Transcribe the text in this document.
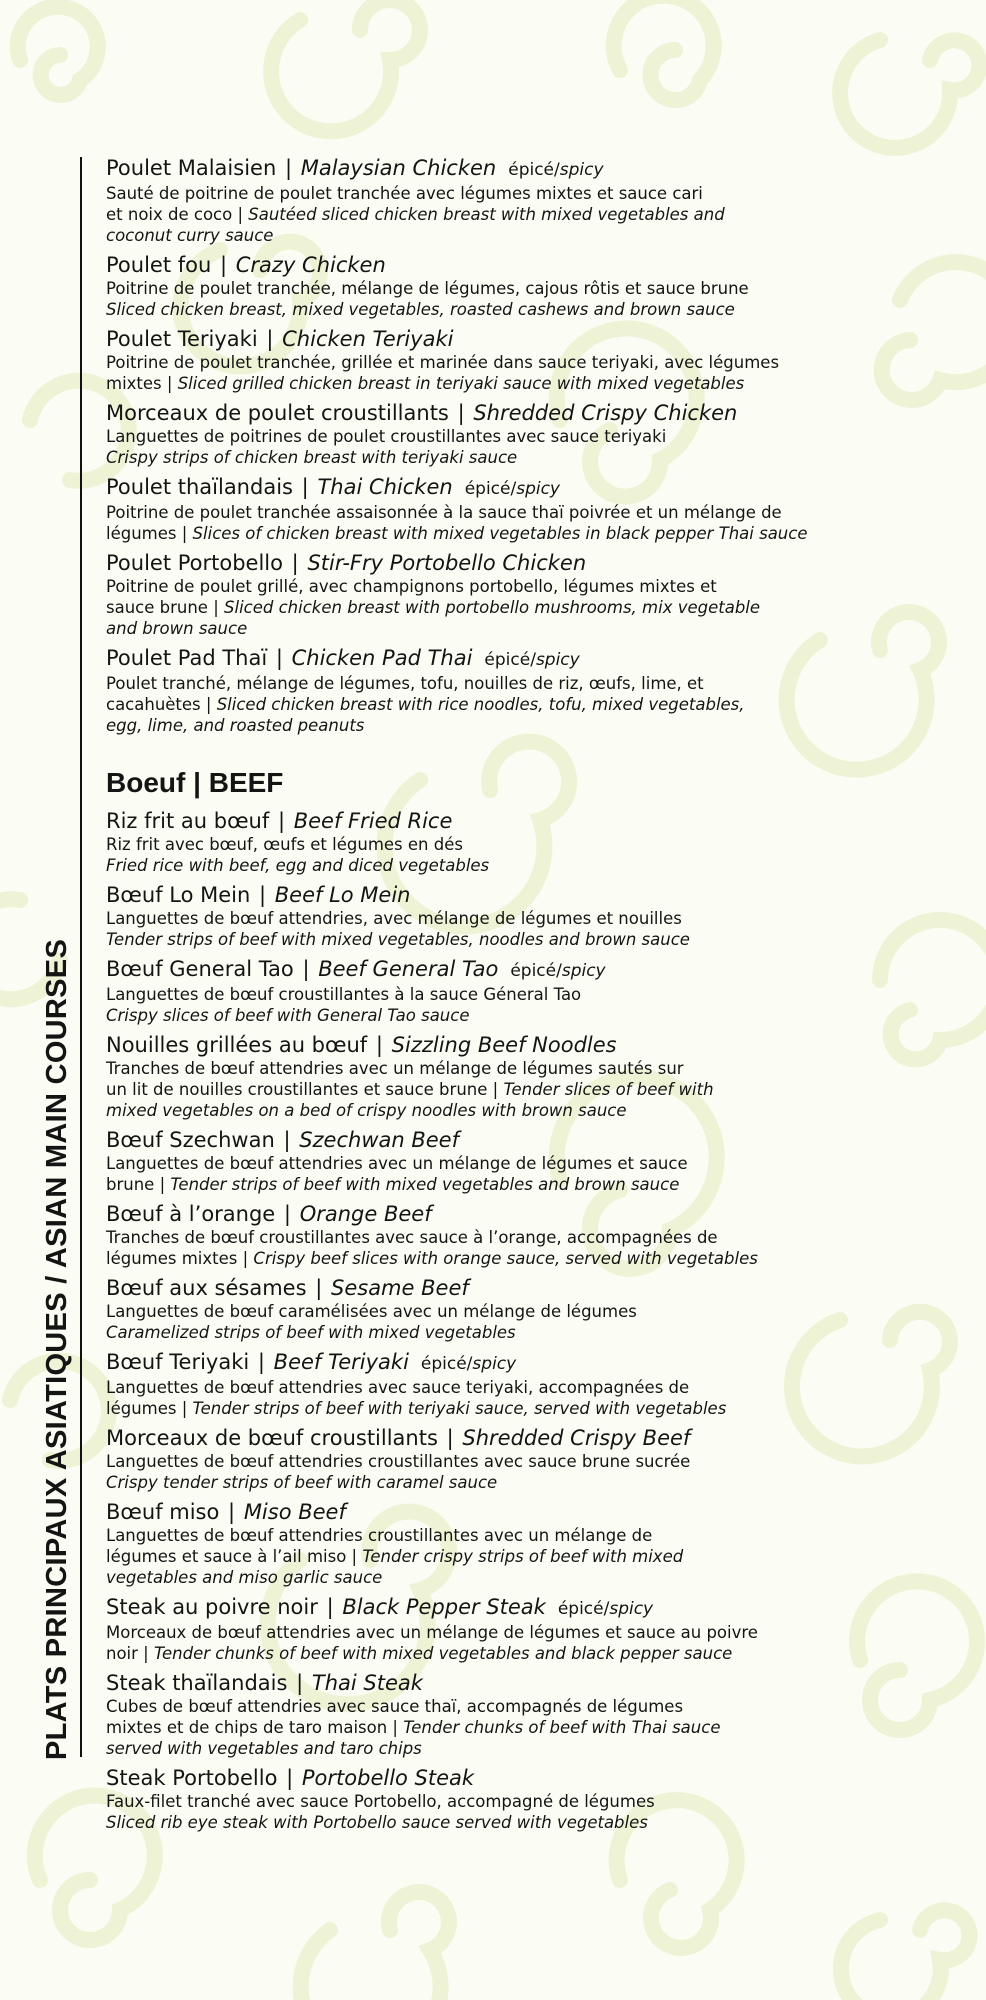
PLATS PRINCIPAUX ASIATIQUES / ASIAN MAIN COURSES
Poulet Malaisien | Malaysian Chicken épicé/spicy
Sauté de poitrine de poulet tranchée avec légumes mixtes et sauce cari
et noix de coco | Sautéed sliced chicken breast with mixed vegetables and
coconut curry sauce
Poulet fou | Crazy Chicken
Poitrine de poulet tranchée, mélange de légumes, cajous rôtis et sauce brune
Sliced chicken breast, mixed vegetables, roasted cashews and brown sauce
Poulet Teriyaki | Chicken Teriyaki
Poitrine de poulet tranchée, grillée et marinée dans sauce teriyaki, avec légumes
mixtes | Sliced grilled chicken breast in teriyaki sauce with mixed vegetables
Morceaux de poulet croustillants | Shredded Crispy Chicken
Languettes de poitrines de poulet croustillantes avec sauce teriyaki
Crispy strips of chicken breast with teriyaki sauce
Poulet thaïlandais | Thai Chicken épicé/spicy
Poitrine de poulet tranchée assaisonnée à la sauce thaï poivrée et un mélange de
légumes | Slices of chicken breast with mixed vegetables in black pepper Thai sauce
Poulet Portobello | Stir-Fry Portobello Chicken
Poitrine de poulet grillé, avec champignons portobello, légumes mixtes et
sauce brune | Sliced chicken breast with portobello mushrooms, mix vegetable
and brown sauce
Poulet Pad Thaï | Chicken Pad Thai épicé/spicy
Poulet tranché, mélange de légumes, tofu, nouilles de riz, œufs, lime, et
cacahuètes | Sliced chicken breast with rice noodles, tofu, mixed vegetables,
egg, lime, and roasted peanuts
Boeuf | BEEF
Riz frit au bœuf | Beef Fried Rice
Riz frit avec bœuf, œufs et légumes en dés
Fried rice with beef, egg and diced vegetables
Bœuf Lo Mein | Beef Lo Mein
Languettes de bœuf attendries, avec mélange de légumes et nouilles
Tender strips of beef with mixed vegetables, noodles and brown sauce
Bœuf General Tao | Beef General Tao épicé/spicy
Languettes de bœuf croustillantes à la sauce Géneral Tao
Crispy slices of beef with General Tao sauce
Nouilles grillées au bœuf | Sizzling Beef Noodles
Tranches de bœuf attendries avec un mélange de légumes sautés sur
un lit de nouilles croustillantes et sauce brune | Tender slices of beef with
mixed vegetables on a bed of crispy noodles with brown sauce
Bœuf Szechwan | Szechwan Beef
Languettes de bœuf attendries avec un mélange de légumes et sauce
brune | Tender strips of beef with mixed vegetables and brown sauce
Bœuf à l’orange | Orange Beef
Tranches de bœuf croustillantes avec sauce à l’orange, accompagnées de
légumes mixtes | Crispy beef slices with orange sauce, served with vegetables
Bœuf aux sésames | Sesame Beef
Languettes de bœuf caramélisées avec un mélange de légumes
Caramelized strips of beef with mixed vegetables
Bœuf Teriyaki | Beef Teriyaki épicé/spicy
Languettes de bœuf attendries avec sauce teriyaki, accompagnées de
légumes | Tender strips of beef with teriyaki sauce, served with vegetables
Morceaux de bœuf croustillants | Shredded Crispy Beef
Languettes de bœuf attendries croustillantes avec sauce brune sucrée
Crispy tender strips of beef with caramel sauce
Bœuf miso | Miso Beef
Languettes de bœuf attendries croustillantes avec un mélange de
légumes et sauce à l’ail miso | Tender crispy strips of beef with mixed
vegetables and miso garlic sauce
Steak au poivre noir | Black Pepper Steak épicé/spicy
Morceaux de bœuf attendries avec un mélange de légumes et sauce au poivre
noir | Tender chunks of beef with mixed vegetables and black pepper sauce
Steak thaïlandais | Thai Steak
Cubes de bœuf attendries avec sauce thaï, accompagnés de légumes
mixtes et de chips de taro maison | Tender chunks of beef with Thai sauce
served with vegetables and taro chips
Steak Portobello | Portobello Steak
Faux-filet tranché avec sauce Portobello, accompagné de légumes
Sliced rib eye steak with Portobello sauce served with vegetables
